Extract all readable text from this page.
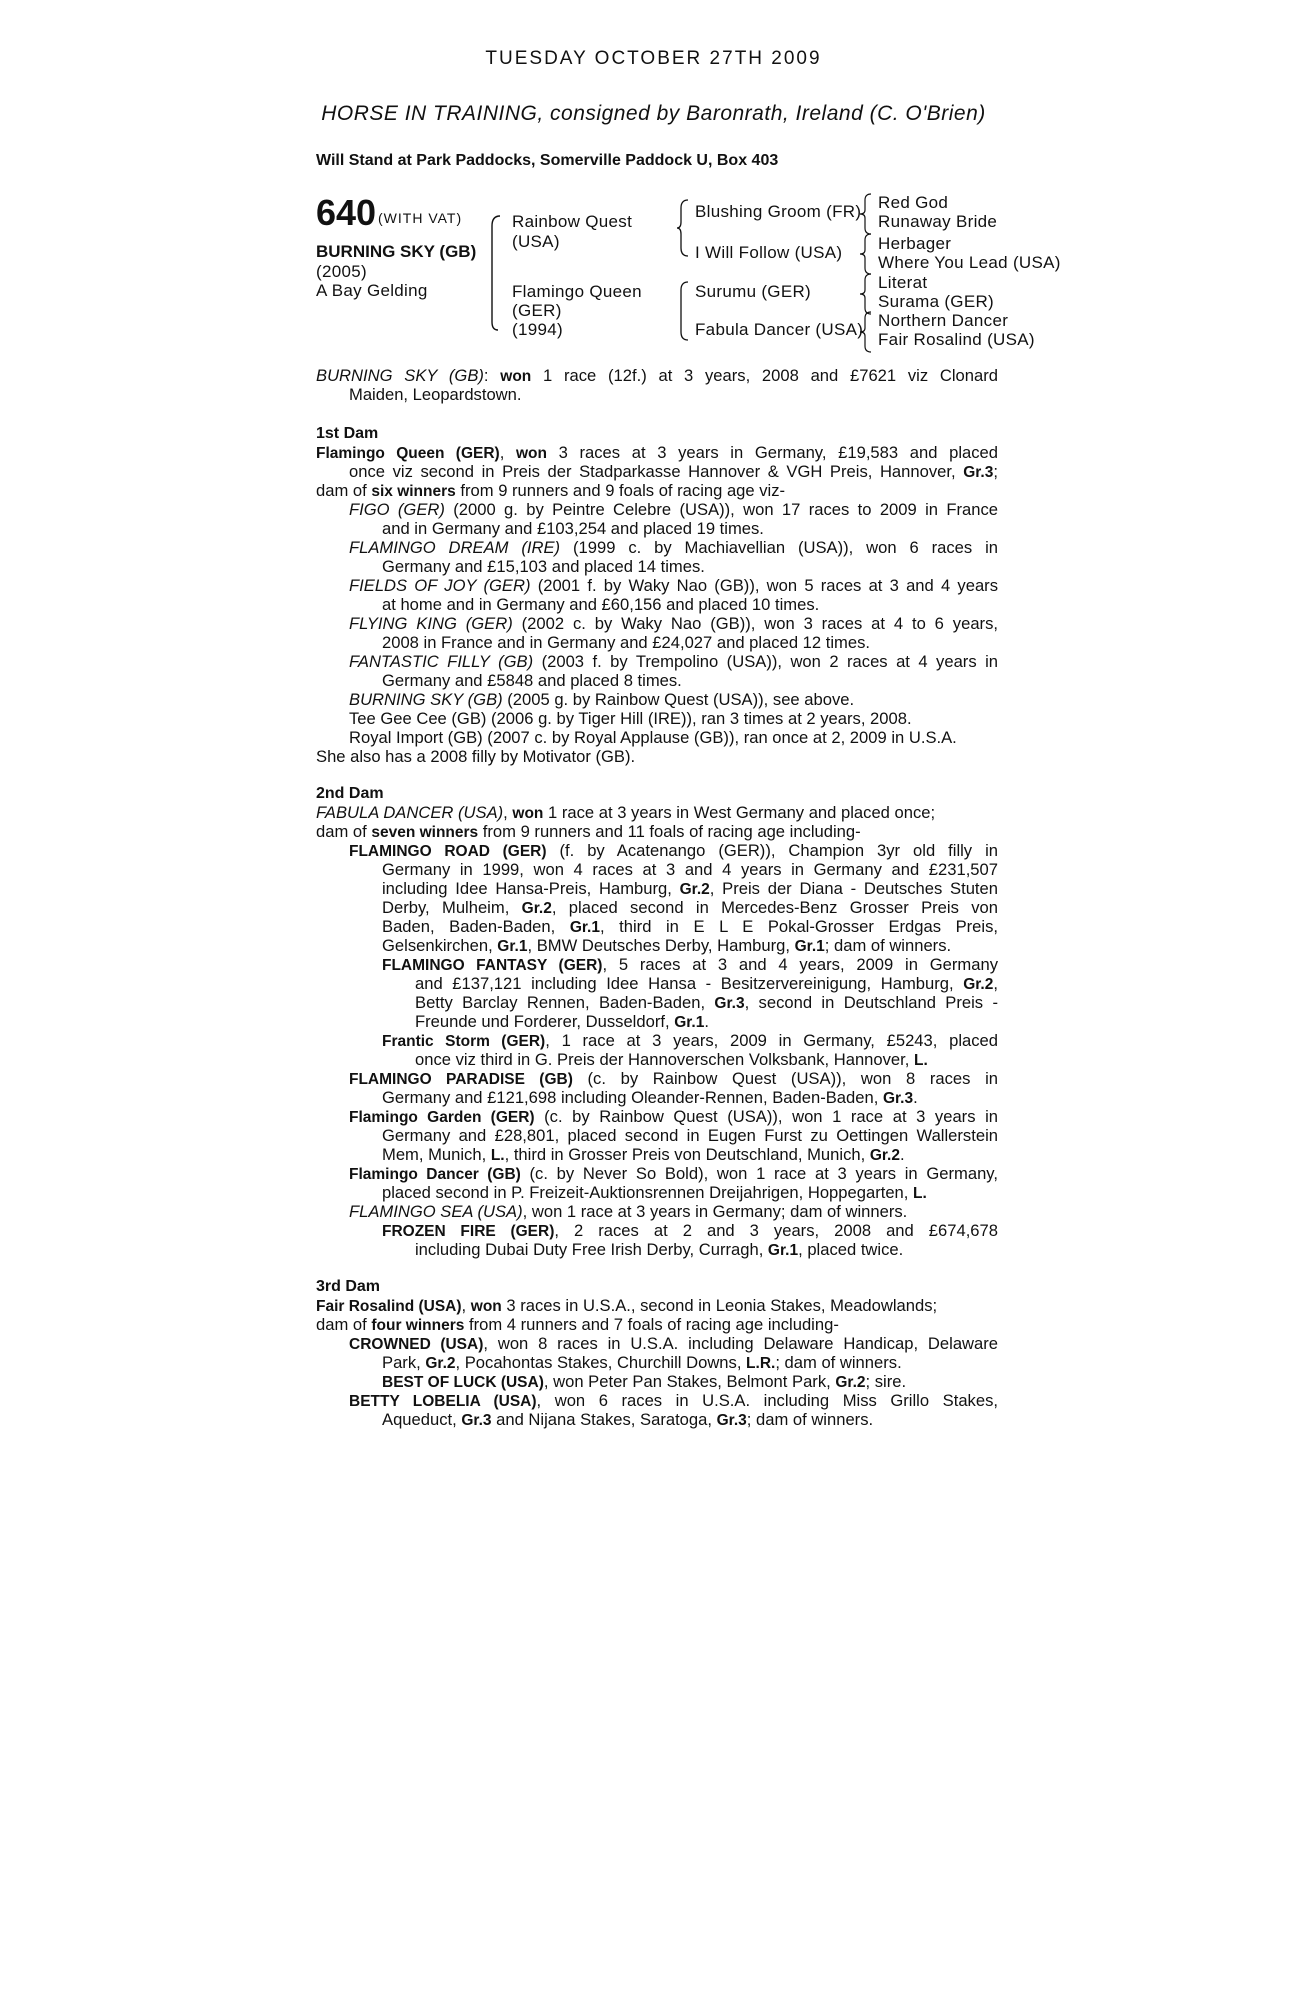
TUESDAY OCTOBER 27TH 2009
HORSE IN TRAINING, consigned by Baronrath, Ireland (C. O'Brien)
Will Stand at Park Paddocks, Somerville Paddock U, Box 403
640 (WITH VAT)
BURNING SKY (GB)
(2005)
A Bay Gelding
Rainbow Quest
(USA)
Flamingo Queen
(GER)
(1994)
Blushing Groom (FR)
I Will Follow (USA)
Surumu (GER)
Fabula Dancer (USA)
Red God
Runaway Bride
Herbager
Where You Lead (USA)
Literat
Surama (GER)
Northern Dancer
Fair Rosalind (USA)
BURNING SKY (GB): won 1 race (12f.) at 3 years, 2008 and £7621 viz Clonard
Maiden, Leopardstown.
1st Dam
Flamingo Queen (GER), won 3 races at 3 years in Germany, £19,583 and placed
once viz second in Preis der Stadparkasse Hannover & VGH Preis, Hannover, Gr.3;
dam of six winners from 9 runners and 9 foals of racing age viz-
FIGO (GER) (2000 g. by Peintre Celebre (USA)), won 17 races to 2009 in France
and in Germany and £103,254 and placed 19 times.
FLAMINGO DREAM (IRE) (1999 c. by Machiavellian (USA)), won 6 races in
Germany and £15,103 and placed 14 times.
FIELDS OF JOY (GER) (2001 f. by Waky Nao (GB)), won 5 races at 3 and 4 years
at home and in Germany and £60,156 and placed 10 times.
FLYING KING (GER) (2002 c. by Waky Nao (GB)), won 3 races at 4 to 6 years,
2008 in France and in Germany and £24,027 and placed 12 times.
FANTASTIC FILLY (GB) (2003 f. by Trempolino (USA)), won 2 races at 4 years in
Germany and £5848 and placed 8 times.
BURNING SKY (GB) (2005 g. by Rainbow Quest (USA)), see above.
Tee Gee Cee (GB) (2006 g. by Tiger Hill (IRE)), ran 3 times at 2 years, 2008.
Royal Import (GB) (2007 c. by Royal Applause (GB)), ran once at 2, 2009 in U.S.A.
She also has a 2008 filly by Motivator (GB).
2nd Dam
FABULA DANCER (USA), won 1 race at 3 years in West Germany and placed once;
dam of seven winners from 9 runners and 11 foals of racing age including-
FLAMINGO ROAD (GER) (f. by Acatenango (GER)), Champion 3yr old filly in
Germany in 1999, won 4 races at 3 and 4 years in Germany and £231,507
including Idee Hansa-Preis, Hamburg, Gr.2, Preis der Diana - Deutsches Stuten
Derby, Mulheim, Gr.2, placed second in Mercedes-Benz Grosser Preis von
Baden, Baden-Baden, Gr.1, third in E L E Pokal-Grosser Erdgas Preis,
Gelsenkirchen, Gr.1, BMW Deutsches Derby, Hamburg, Gr.1; dam of winners.
FLAMINGO FANTASY (GER), 5 races at 3 and 4 years, 2009 in Germany
and £137,121 including Idee Hansa - Besitzervereinigung, Hamburg, Gr.2,
Betty Barclay Rennen, Baden-Baden, Gr.3, second in Deutschland Preis -
Freunde und Forderer, Dusseldorf, Gr.1.
Frantic Storm (GER), 1 race at 3 years, 2009 in Germany, £5243, placed
once viz third in G. Preis der Hannoverschen Volksbank, Hannover, L.
FLAMINGO PARADISE (GB) (c. by Rainbow Quest (USA)), won 8 races in
Germany and £121,698 including Oleander-Rennen, Baden-Baden, Gr.3.
Flamingo Garden (GER) (c. by Rainbow Quest (USA)), won 1 race at 3 years in
Germany and £28,801, placed second in Eugen Furst zu Oettingen Wallerstein
Mem, Munich, L., third in Grosser Preis von Deutschland, Munich, Gr.2.
Flamingo Dancer (GB) (c. by Never So Bold), won 1 race at 3 years in Germany,
placed second in P. Freizeit-Auktionsrennen Dreijahrigen, Hoppegarten, L.
FLAMINGO SEA (USA), won 1 race at 3 years in Germany; dam of winners.
FROZEN FIRE (GER), 2 races at 2 and 3 years, 2008 and £674,678
including Dubai Duty Free Irish Derby, Curragh, Gr.1, placed twice.
3rd Dam
Fair Rosalind (USA), won 3 races in U.S.A., second in Leonia Stakes, Meadowlands;
dam of four winners from 4 runners and 7 foals of racing age including-
CROWNED (USA), won 8 races in U.S.A. including Delaware Handicap, Delaware
Park, Gr.2, Pocahontas Stakes, Churchill Downs, L.R.; dam of winners.
BEST OF LUCK (USA), won Peter Pan Stakes, Belmont Park, Gr.2; sire.
BETTY LOBELIA (USA), won 6 races in U.S.A. including Miss Grillo Stakes,
Aqueduct, Gr.3 and Nijana Stakes, Saratoga, Gr.3; dam of winners.
